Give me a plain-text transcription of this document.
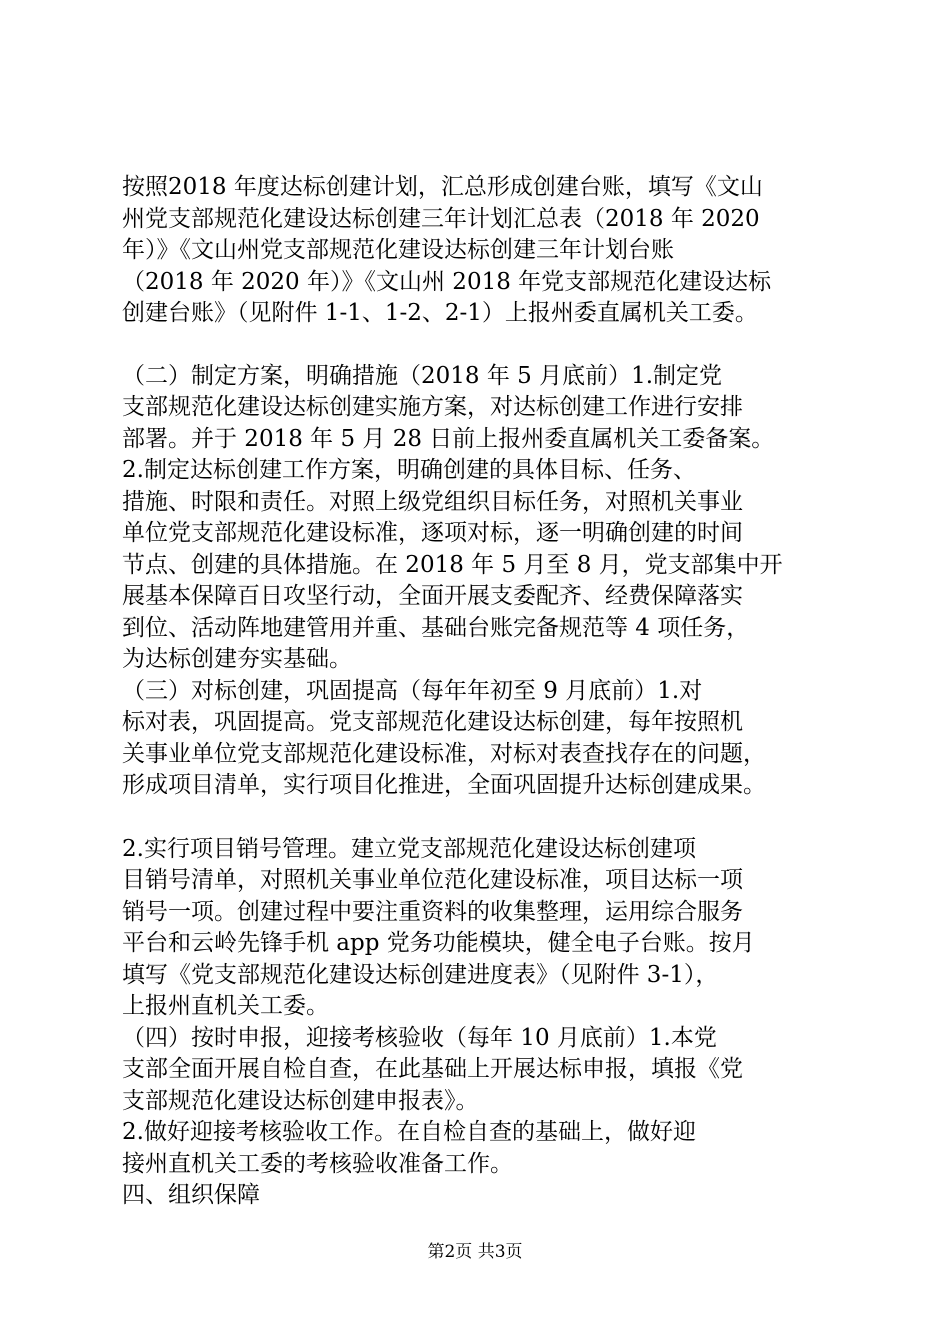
按照2018 年度达标创建计划，汇总形成创建台账，填写《文山
州党支部规范化建设达标创建三年计划汇总表（2018 年 2020
年）》《文山州党支部规范化建设达标创建三年计划台账
（2018 年 2020 年）》《文山州 2018 年党支部规范化建设达标
创建台账》（见附件 1-1、1-2、2-1）上报州委直属机关工委。

（二）制定方案，明确措施（2018 年 5 月底前）1.制定党
支部规范化建设达标创建实施方案，对达标创建工作进行安排
部署。并于 2018 年 5 月 28 日前上报州委直属机关工委备案。

2.制定达标创建工作方案，明确创建的具体目标、任务、
措施、时限和责任。对照上级党组织目标任务，对照机关事业
单位党支部规范化建设标准，逐项对标，逐一明确创建的时间
节点、创建的具体措施。在 2018 年 5 月至 8 月，党支部集中开
展基本保障百日攻坚行动，全面开展支委配齐、经费保障落实
到位、活动阵地建管用并重、基础台账完备规范等 4 项任务，
为达标创建夯实基础。

（三）对标创建，巩固提高（每年年初至 9 月底前）1.对
标对表，巩固提高。党支部规范化建设达标创建，每年按照机
关事业单位党支部规范化建设标准，对标对表查找存在的问题，
形成项目清单，实行项目化推进，全面巩固提升达标创建成果。

2.实行项目销号管理。建立党支部规范化建设达标创建项
目销号清单，对照机关事业单位范化建设标准，项目达标一项
销号一项。创建过程中要注重资料的收集整理，运用综合服务
平台和云岭先锋手机 app 党务功能模块，健全电子台账。按月
填写《党支部规范化建设达标创建进度表》（见附件 3-1），
上报州直机关工委。

（四）按时申报，迎接考核验收（每年 10 月底前）1.本党
支部全面开展自检自查，在此基础上开展达标申报，填报《党
支部规范化建设达标创建申报表》。

2.做好迎接考核验收工作。在自检自查的基础上，做好迎
接州直机关工委的考核验收准备工作。

四、组织保障

第2页 共3页
